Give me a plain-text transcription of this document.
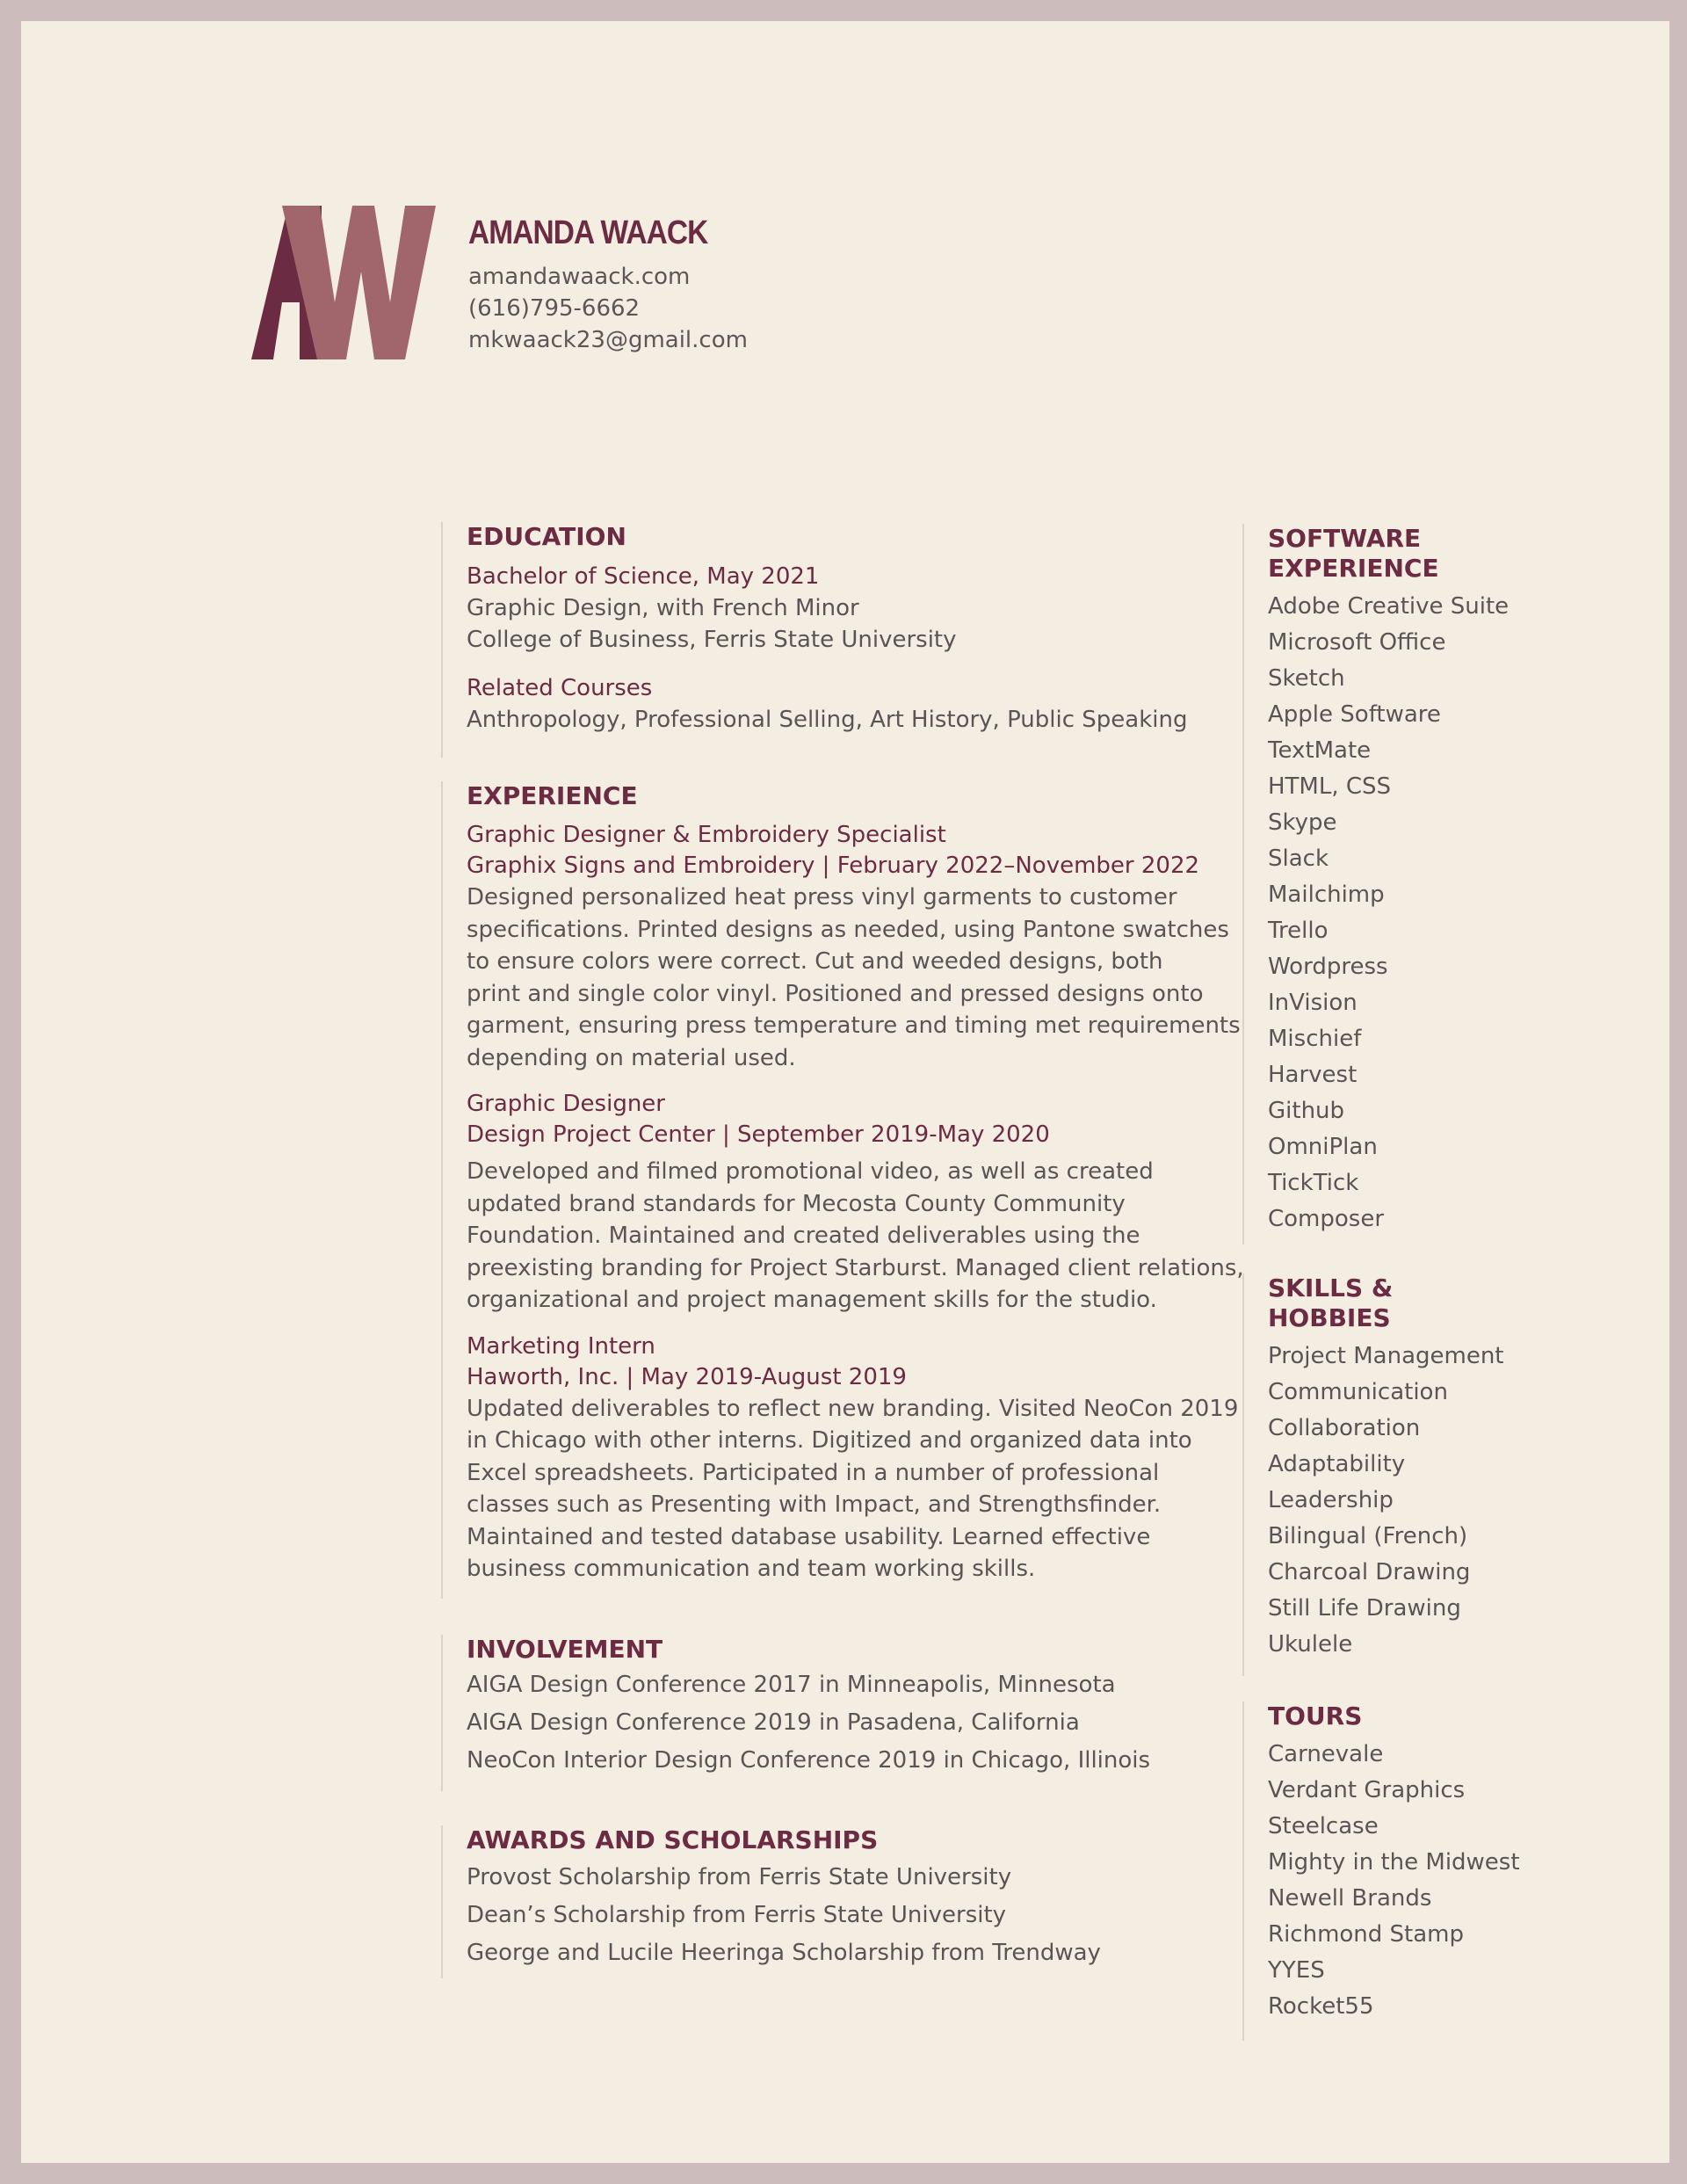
AMANDA WAACK
amandawaack.com
(616)795-6662
mkwaack23@gmail.com
EDUCATION
Bachelor of Science, May 2021
Graphic Design, with French Minor
College of Business, Ferris State University
Related Courses
Anthropology, Professional Selling, Art History, Public Speaking
EXPERIENCE
Graphic Designer & Embroidery Specialist
Graphix Signs and Embroidery | February 2022–November 2022
Designed personalized heat press vinyl garments to customer
specifications. Printed designs as needed, using Pantone swatches
to ensure colors were correct. Cut and weeded designs, both
print and single color vinyl. Positioned and pressed designs onto
garment, ensuring press temperature and timing met requirements
depending on material used.
Graphic Designer
Design Project Center | September 2019-May 2020
Developed and filmed promotional video, as well as created
updated brand standards for Mecosta County Community
Foundation. Maintained and created deliverables using the
preexisting branding for Project Starburst. Managed client relations,
organizational and project management skills for the studio.
Marketing Intern
Haworth, Inc. | May 2019-August 2019
Updated deliverables to reflect new branding. Visited NeoCon 2019
in Chicago with other interns. Digitized and organized data into
Excel spreadsheets. Participated in a number of professional
classes such as Presenting with Impact, and Strengthsfinder.
Maintained and tested database usability. Learned effective
business communication and team working skills.
INVOLVEMENT
AIGA Design Conference 2017 in Minneapolis, Minnesota
AIGA Design Conference 2019 in Pasadena, California
NeoCon Interior Design Conference 2019 in Chicago, Illinois
AWARDS AND SCHOLARSHIPS
Provost Scholarship from Ferris State University
Dean’s Scholarship from Ferris State University
George and Lucile Heeringa Scholarship from Trendway
SOFTWARE
EXPERIENCE
Adobe Creative Suite
Microsoft Office
Sketch
Apple Software
TextMate
HTML, CSS
Skype
Slack
Mailchimp
Trello
Wordpress
InVision
Mischief
Harvest
Github
OmniPlan
TickTick
Composer
SKILLS &
HOBBIES
Project Management
Communication
Collaboration
Adaptability
Leadership
Bilingual (French)
Charcoal Drawing
Still Life Drawing
Ukulele
TOURS
Carnevale
Verdant Graphics
Steelcase
Mighty in the Midwest
Newell Brands
Richmond Stamp
YYES
Rocket55
